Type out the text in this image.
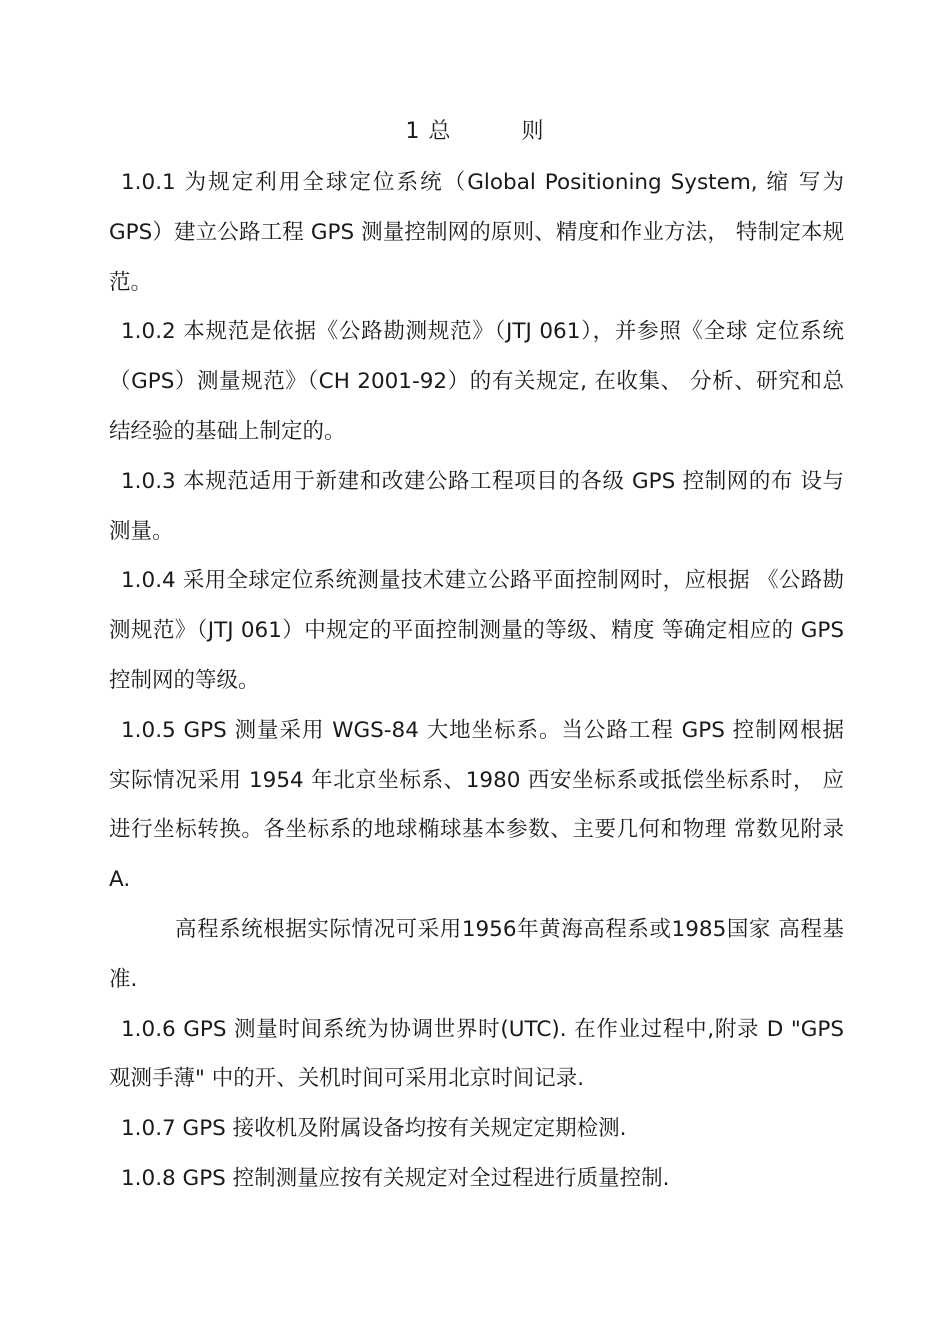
1 总	则

1.0.1 为规定利用全球定位系统（Global Positioning System, 缩 写为GPS）建立公路工程 GPS 测量控制网的原则、精度和作业方法， 特制定本规范。

1.0.2 本规范是依据《公路勘测规范》（JTJ 061），并参照《全球 定位系统（GPS）测量规范》（CH 2001-92）的有关规定, 在收集、 分析、研究和总结经验的基础上制定的。

1.0.3 本规范适用于新建和改建公路工程项目的各级 GPS 控制网的布 设与测量。

1.0.4 采用全球定位系统测量技术建立公路平面控制网时，应根据 《公路勘测规范》（JTJ 061）中规定的平面控制测量的等级、精度 等确定相应的 GPS 控制网的等级。

1.0.5 GPS 测量采用 WGS-84 大地坐标系。当公路工程 GPS 控制网根据 实际情况采用 1954 年北京坐标系、1980 西安坐标系或抵偿坐标系时， 应进行坐标转换。各坐标系的地球椭球基本参数、主要几何和物理 常数见附录 A.

高程系统根据实际情况可采用1956年黄海高程系或1985国家 高程基准.

1.0.6 GPS 测量时间系统为协调世界时(UTC). 在作业过程中,附录 D "GPS 观测手薄" 中的开、关机时间可采用北京时间记录.

1.0.7 GPS 接收机及附属设备均按有关规定定期检测.

1.0.8 GPS 控制测量应按有关规定对全过程进行质量控制.
